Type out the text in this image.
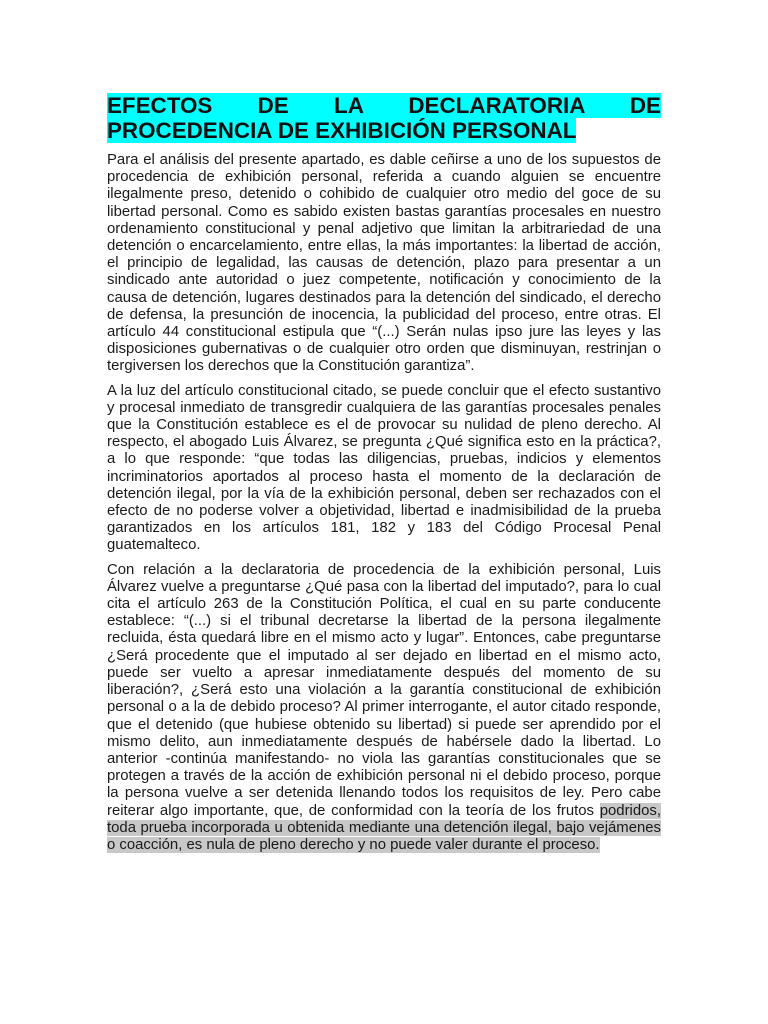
EFECTOS DE LA DECLARATORIA DE PROCEDENCIA DE EXHIBICIÓN PERSONAL

Para el análisis del presente apartado, es dable ceñirse a uno de los supuestos de procedencia de exhibición personal, referida a cuando alguien se encuentre ilegalmente preso, detenido o cohibido de cualquier otro medio del goce de su libertad personal. Como es sabido existen bastas garantías procesales en nuestro ordenamiento constitucional y penal adjetivo que limitan la arbitrariedad de una detención o encarcelamiento, entre ellas, la más importantes: la libertad de acción, el principio de legalidad, las causas de detención, plazo para presentar a un sindicado ante autoridad o juez competente, notificación y conocimiento de la causa de detención, lugares destinados para la detención del sindicado, el derecho de defensa, la presunción de inocencia, la publicidad del proceso, entre otras. El artículo 44 constitucional estipula que “(...) Serán nulas ipso jure las leyes y las disposiciones gubernativas o de cualquier otro orden que disminuyan, restrinjan o tergiversen los derechos que la Constitución garantiza”.

A la luz del artículo constitucional citado, se puede concluir que el efecto sustantivo y procesal inmediato de transgredir cualquiera de las garantías procesales penales que la Constitución establece es el de provocar su nulidad de pleno derecho. Al respecto, el abogado Luis Álvarez, se pregunta ¿Qué significa esto en la práctica?, a lo que responde: “que todas las diligencias, pruebas, indicios y elementos incriminatorios aportados al proceso hasta el momento de la declaración de detención ilegal, por la vía de la exhibición personal, deben ser rechazados con el efecto de no poderse volver a objetividad, libertad e inadmisibilidad de la prueba garantizados en los artículos 181, 182 y 183 del Código Procesal Penal guatemalteco.

Con relación a la declaratoria de procedencia de la exhibición personal, Luis Álvarez vuelve a preguntarse ¿Qué pasa con la libertad del imputado?, para lo cual cita el artículo 263 de la Constitución Política, el cual en su parte conducente establece: “(...) si el tribunal decretarse la libertad de la persona ilegalmente recluida, ésta quedará libre en el mismo acto y lugar”. Entonces, cabe preguntarse ¿Será procedente que el imputado al ser dejado en libertad en el mismo acto, puede ser vuelto a apresar inmediatamente después del momento de su liberación?, ¿Será esto una violación a la garantía constitucional de exhibición personal o a la de debido proceso? Al primer interrogante, el autor citado responde, que el detenido (que hubiese obtenido su libertad) si puede ser aprendido por el mismo delito, aun inmediatamente después de habérsele dado la libertad. Lo anterior -continúa manifestando- no viola las garantías constitucionales que se protegen a través de la acción de exhibición personal ni el debido proceso, porque la persona vuelve a ser detenida llenando todos los requisitos de ley. Pero cabe reiterar algo importante, que, de conformidad con la teoría de los frutos podridos, toda prueba incorporada u obtenida mediante una detención ilegal, bajo vejámenes o coacción, es nula de pleno derecho y no puede valer durante el proceso.
